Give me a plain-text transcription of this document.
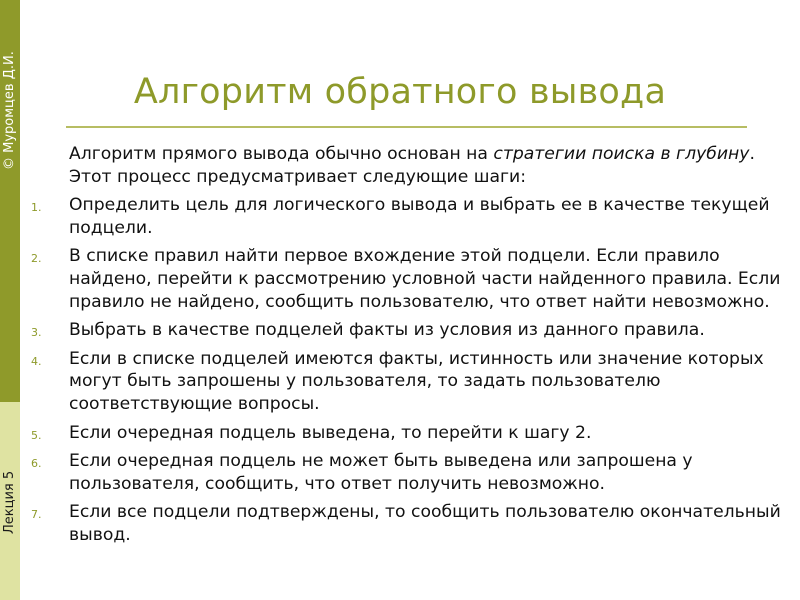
© Муромцев Д.И.
Лекция 5
Алгоритм обратного вывода

Алгоритм прямого вывода обычно основан на стратегии поиска в глубину. Этот процесс предусматривает следующие шаги:

1. Определить цель для логического вывода и выбрать ее в качестве текущей подцели.
2. В списке правил найти первое вхождение этой подцели. Если правило найдено, перейти к рассмотрению условной части найденного правила. Если правило не найдено, сообщить пользователю, что ответ найти невозможно.
3. Выбрать в качестве подцелей факты из условия из данного правила.
4. Если в списке подцелей имеются факты, истинность или значение которых могут быть запрошены у пользователя, то задать пользователю соответствующие вопросы.
5. Если очередная подцель выведена, то перейти к шагу 2.
6. Если очередная подцель не может быть выведена или запрошена у пользователя, сообщить, что ответ получить невозможно.
7. Если все подцели подтверждены, то сообщить пользователю окончательный вывод.
